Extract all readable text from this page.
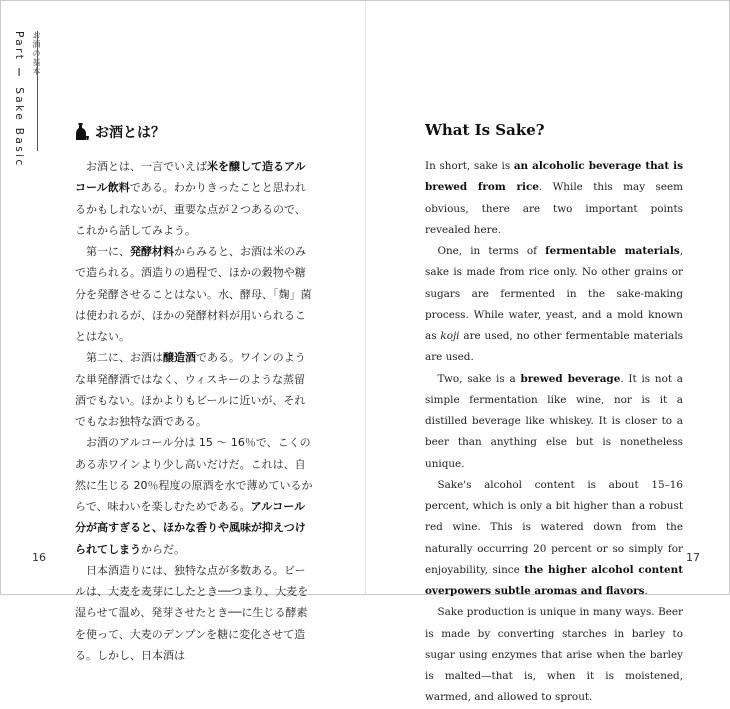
Part Ⅰ Sake Basic	お酒とは？

お酒とは、一言でいえば米を醸して造るアルコール飲料である。わかりきったことと思われるかもしれないが、重要な点が２つあるので、これから話してみよう。

第一に、発酵材料からみると、お酒は米のみで造られる。酒造りの過程で、ほかの穀物や糖分を発酵させることはない。水、酵母、「麹」菌は使われるが、ほかの発酵材料が用いられることはない。

第二に、お酒は醸造酒である。ワインのような単発酵酒ではなく、ウィスキーのような蒸留酒でもない。ほかよりもビールに近いが、それでもなお独特な酒である。

お酒のアルコール分は 15 ～ 16％で、こくのある赤ワインより少し高いだけだ。これは、自然に生じる 20％程度の原酒を水で薄めているからで、味わいを楽しむためである。アルコール分が高すぎると、ほかな香りや風味が抑えつけられてしまうからだ。

日本酒造りには、独特な点が多数ある。ビールは、大麦を麦芽にしたとき──つまり、大麦を湿らせて温め、発芽させたとき──に生じる酵素を使って、大麦のデンプンを糖に変化させて造る。しかし、日本酒は

What Is Sake?

In short, sake is an alcoholic beverage that is brewed from rice. While this may seem obvious, there are two important points revealed here.

One, in terms of fermentable materials, sake is made from rice only. No other grains or sugars are fermented in the sake-making process. While water, yeast, and a mold known as koji are used, no other fermentable materials are used.

Two, sake is a brewed beverage. It is not a simple fermentation like wine, nor is it a distilled beverage like whiskey. It is closer to a beer than anything else but is nonetheless unique.

Sake's alcohol content is about 15–16 percent, which is only a bit higher than a robust red wine. This is watered down from the naturally occurring 20 percent or so simply for enjoyability, since the higher alcohol content overpowers subtle aromas and flavors.

Sake production is unique in many ways. Beer is made by converting starches in barley to sugar using enzymes that arise when the barley is malted—that is, when it is moistened, warmed, and allowed to sprout.

16	17
